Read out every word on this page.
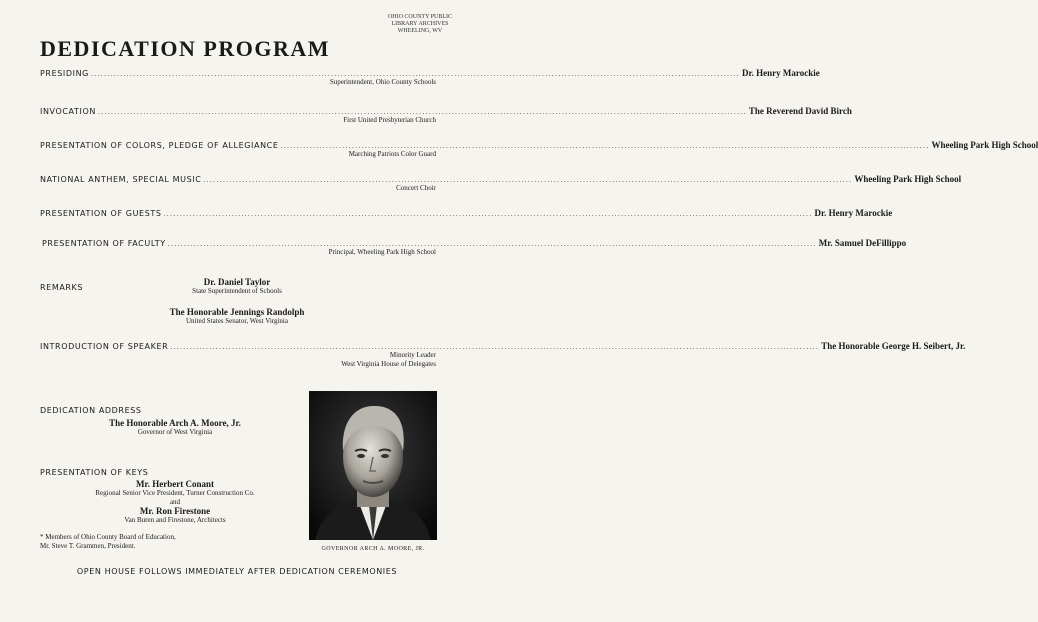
OHIO COUNTY PUBLIC
LIBRARY ARCHIVES
WHEELING, WV
DEDICATION PROGRAM
PRESIDING ........................................................................................................................................................................................................ Dr. Henry Marockie
Superintendent, Ohio County Schools
INVOCATION ........................................................................................................................................................................................................ The Reverend David Birch
First United Presbyterian Church
PRESENTATION OF COLORS, PLEDGE OF ALLEGIANCE ........................................................................................................................................................................................................ Wheeling Park High School
Marching Patriots Color Guard
NATIONAL ANTHEM, SPECIAL MUSIC ........................................................................................................................................................................................................ Wheeling Park High School
Concert Choir
PRESENTATION OF GUESTS ........................................................................................................................................................................................................ Dr. Henry Marockie
PRESENTATION OF FACULTY ........................................................................................................................................................................................................ Mr. Samuel DeFillippo
Principal, Wheeling Park High School
REMARKS
Dr. Daniel Taylor
State Superintendent of Schools
The Honorable Jennings Randolph
United States Senator, West Virginia
INTRODUCTION OF SPEAKER ........................................................................................................................................................................................................ The Honorable George H. Seibert, Jr.
Minority Leader
West Virginia House of Delegates
DEDICATION ADDRESS
The Honorable Arch A. Moore, Jr.
Governor of West Virginia
PRESENTATION OF KEYS
Mr. Herbert Conant
Regional Senior Vice President, Turner Construction Co.
and
Mr. Ron Firestone
Van Buren and Firestone, Architects
* Members of Ohio County Board of Education,
Mr. Steve T. Grammen, President.	GOVERNOR ARCH A. MOORE, JR.
OPEN HOUSE FOLLOWS IMMEDIATELY AFTER DEDICATION CEREMONIES
